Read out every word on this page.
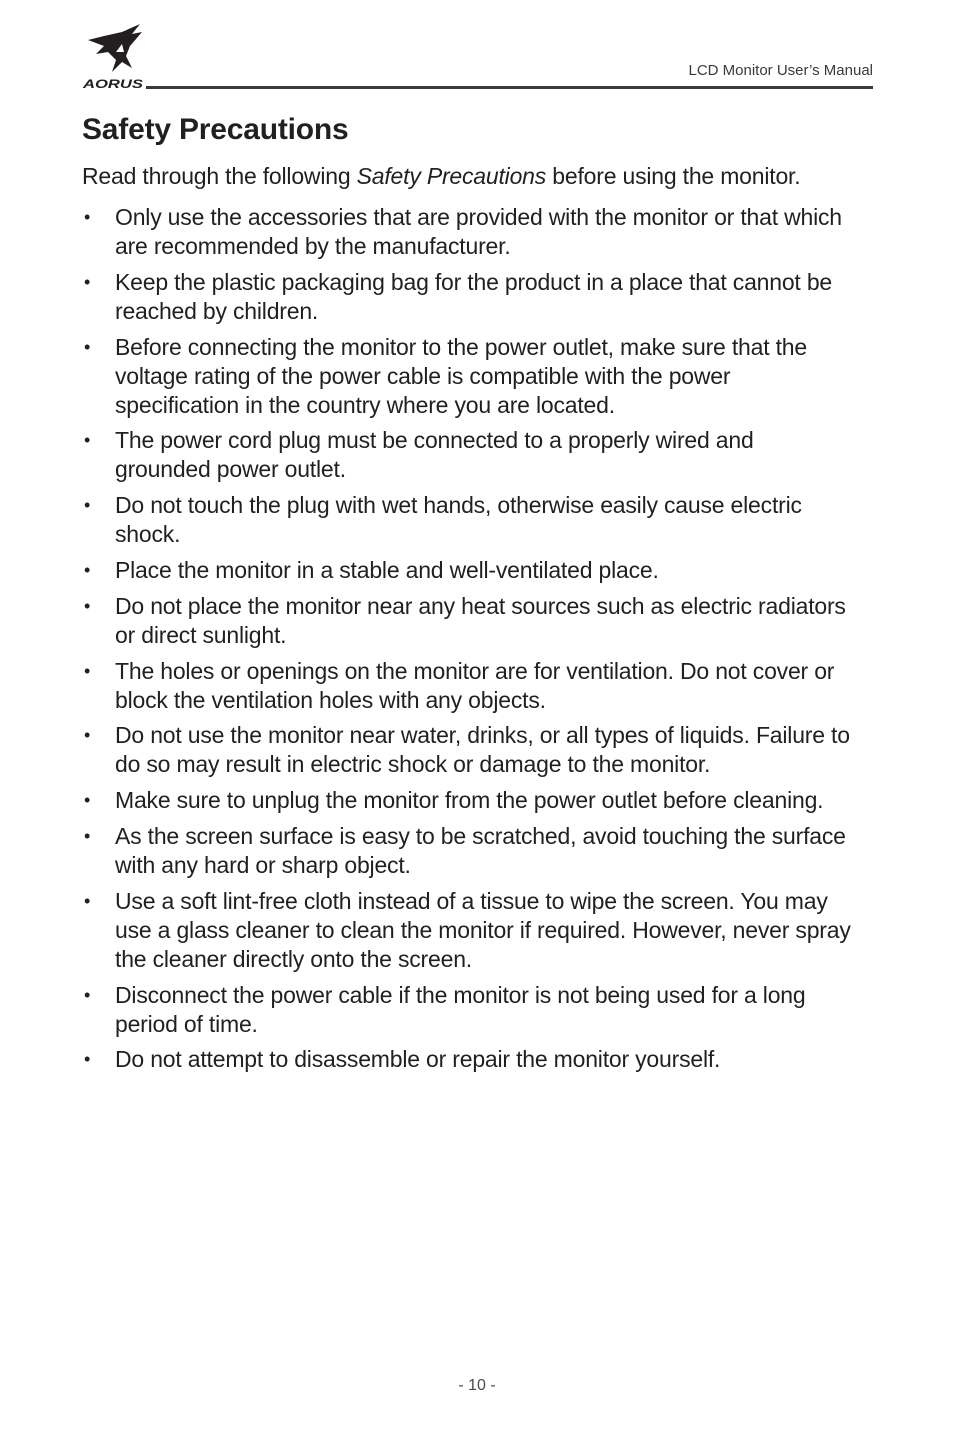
AORUS
LCD Monitor User’s Manual
Safety Precautions

Read through the following Safety Precautions before using the monitor.

• Only use the accessories that are provided with the monitor or that which are recommended by the manufacturer.
• Keep the plastic packaging bag for the product in a place that cannot be reached by children.
• Before connecting the monitor to the power outlet, make sure that the voltage rating of the power cable is compatible with the power specification in the country where you are located.
• The power cord plug must be connected to a properly wired and grounded power outlet.
• Do not touch the plug with wet hands, otherwise easily cause electric shock.
• Place the monitor in a stable and well-ventilated place.
• Do not place the monitor near any heat sources such as electric radiators or direct sunlight.
• The holes or openings on the monitor are for ventilation. Do not cover or block the ventilation holes with any objects.
• Do not use the monitor near water, drinks, or all types of liquids. Failure to do so may result in electric shock or damage to the monitor.
• Make sure to unplug the monitor from the power outlet before cleaning.
• As the screen surface is easy to be scratched, avoid touching the surface with any hard or sharp object.
• Use a soft lint-free cloth instead of a tissue to wipe the screen. You may use a glass cleaner to clean the monitor if required. However, never spray the cleaner directly onto the screen.
• Disconnect the power cable if the monitor is not being used for a long period of time.
• Do not attempt to disassemble or repair the monitor yourself.
- 10 -
